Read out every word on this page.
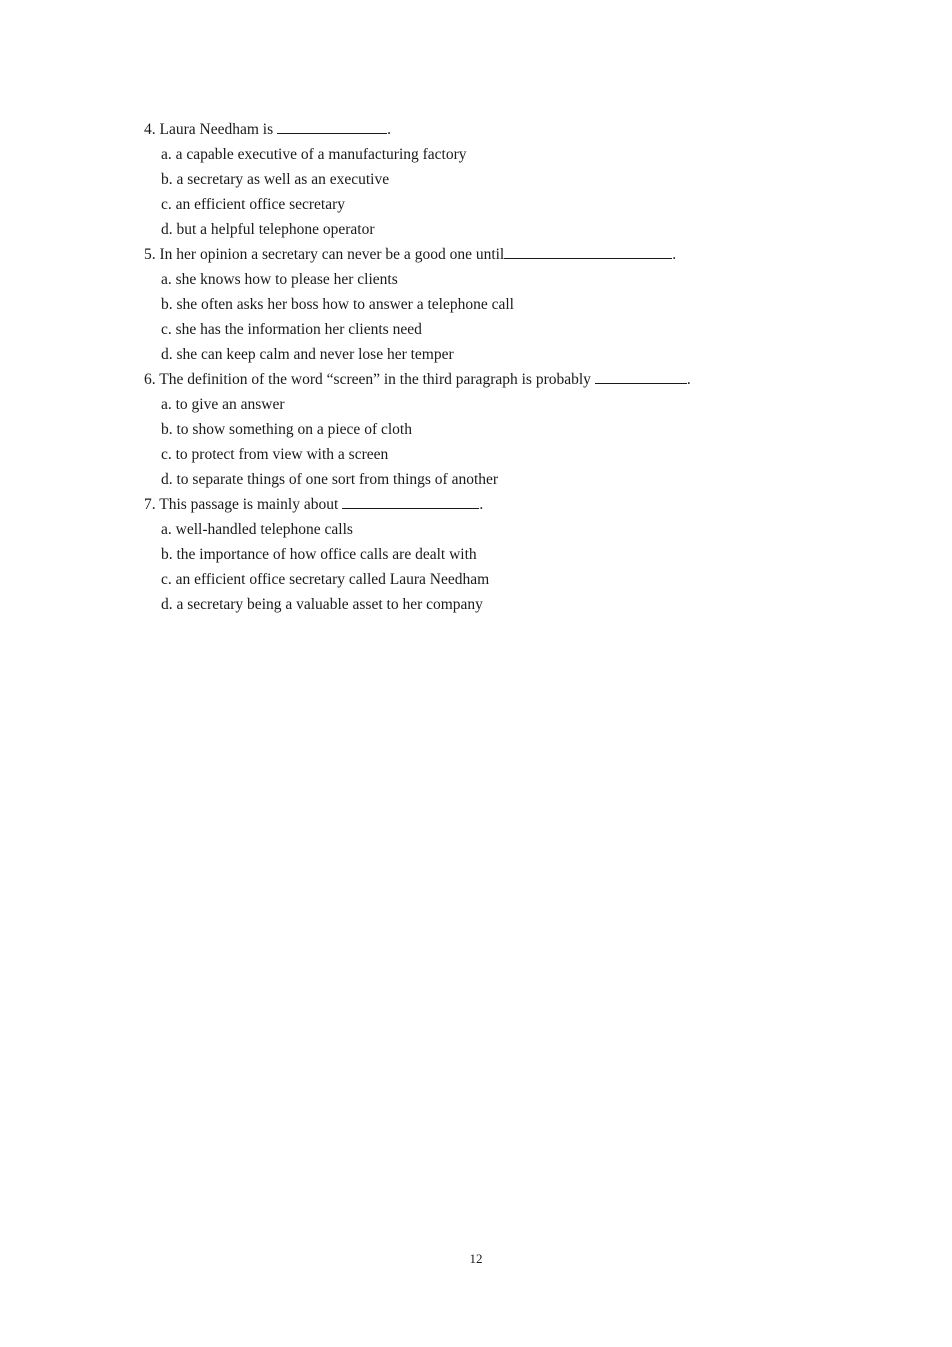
4. Laura Needham is	.
a. a capable executive of a manufacturing factory
b. a secretary as well as an executive
c. an efficient office secretary
d. but a helpful telephone operator
5. In her opinion a secretary can never be a good one until	.
a. she knows how to please her clients
b. she often asks her boss how to answer a telephone call
c. she has the information her clients need
d. she can keep calm and never lose her temper
6. The definition of the word “screen” in the third paragraph is probably	.
a. to give an answer
b. to show something on a piece of cloth
c. to protect from view with a screen
d. to separate things of one sort from things of another
7. This passage is mainly about	.
a. well-handled telephone calls
b. the importance of how office calls are dealt with
c. an efficient office secretary called Laura Needham
d. a secretary being a valuable asset to her company
12
